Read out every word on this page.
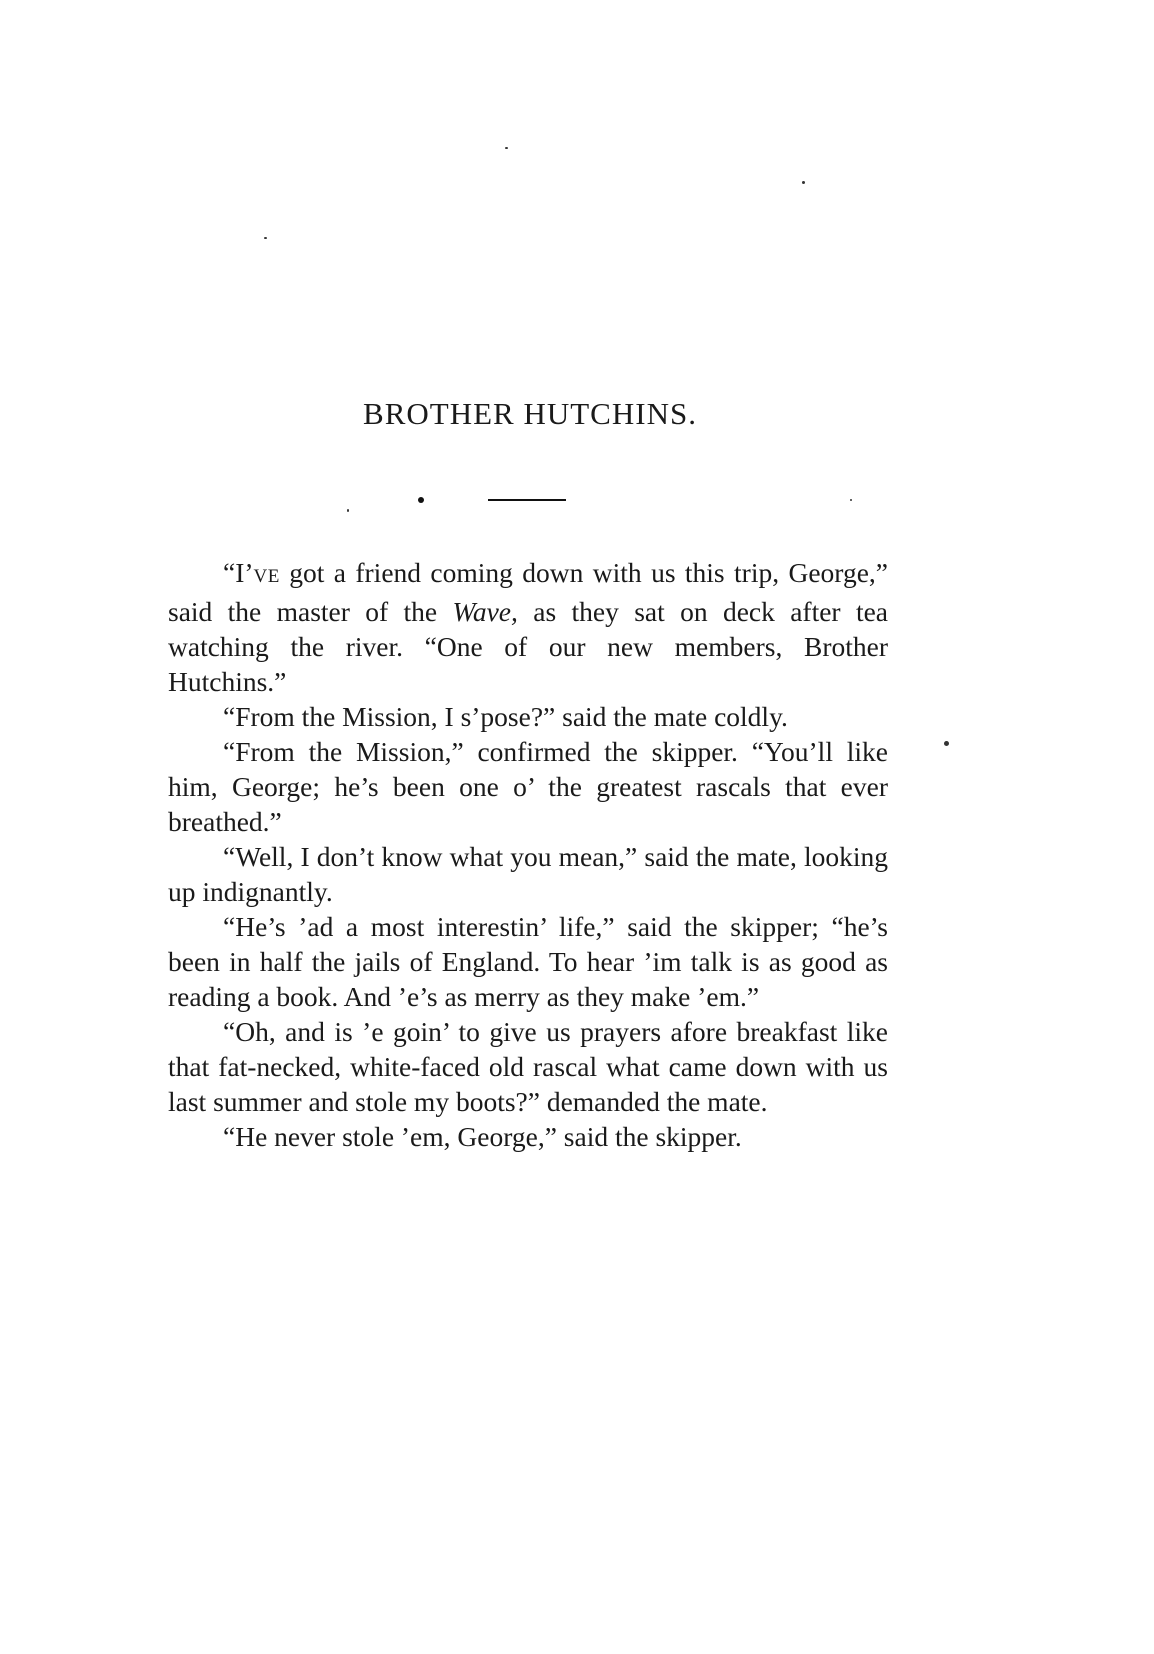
BROTHER HUTCHINS.

“I’VE got a friend coming down with us this trip, George,” said the master of the Wave, as they sat on deck after tea watching the river. “One of our new members, Brother Hutchins.”

“From the Mission, I s’pose?” said the mate coldly.

“From the Mission,” confirmed the skipper. “You’ll like him, George; he’s been one o’ the greatest rascals that ever breathed.”

“Well, I don’t know what you mean,” said the mate, looking up indignantly.

“He’s ’ad a most interestin’ life,” said the skipper; “he’s been in half the jails of England. To hear ’im talk is as good as reading a book. And ’e’s as merry as they make ’em.”

“Oh, and is ’e goin’ to give us prayers afore breakfast like that fat-necked, white-faced old rascal what came down with us last summer and stole my boots?” demanded the mate.

“He never stole ’em, George,” said the skipper.
